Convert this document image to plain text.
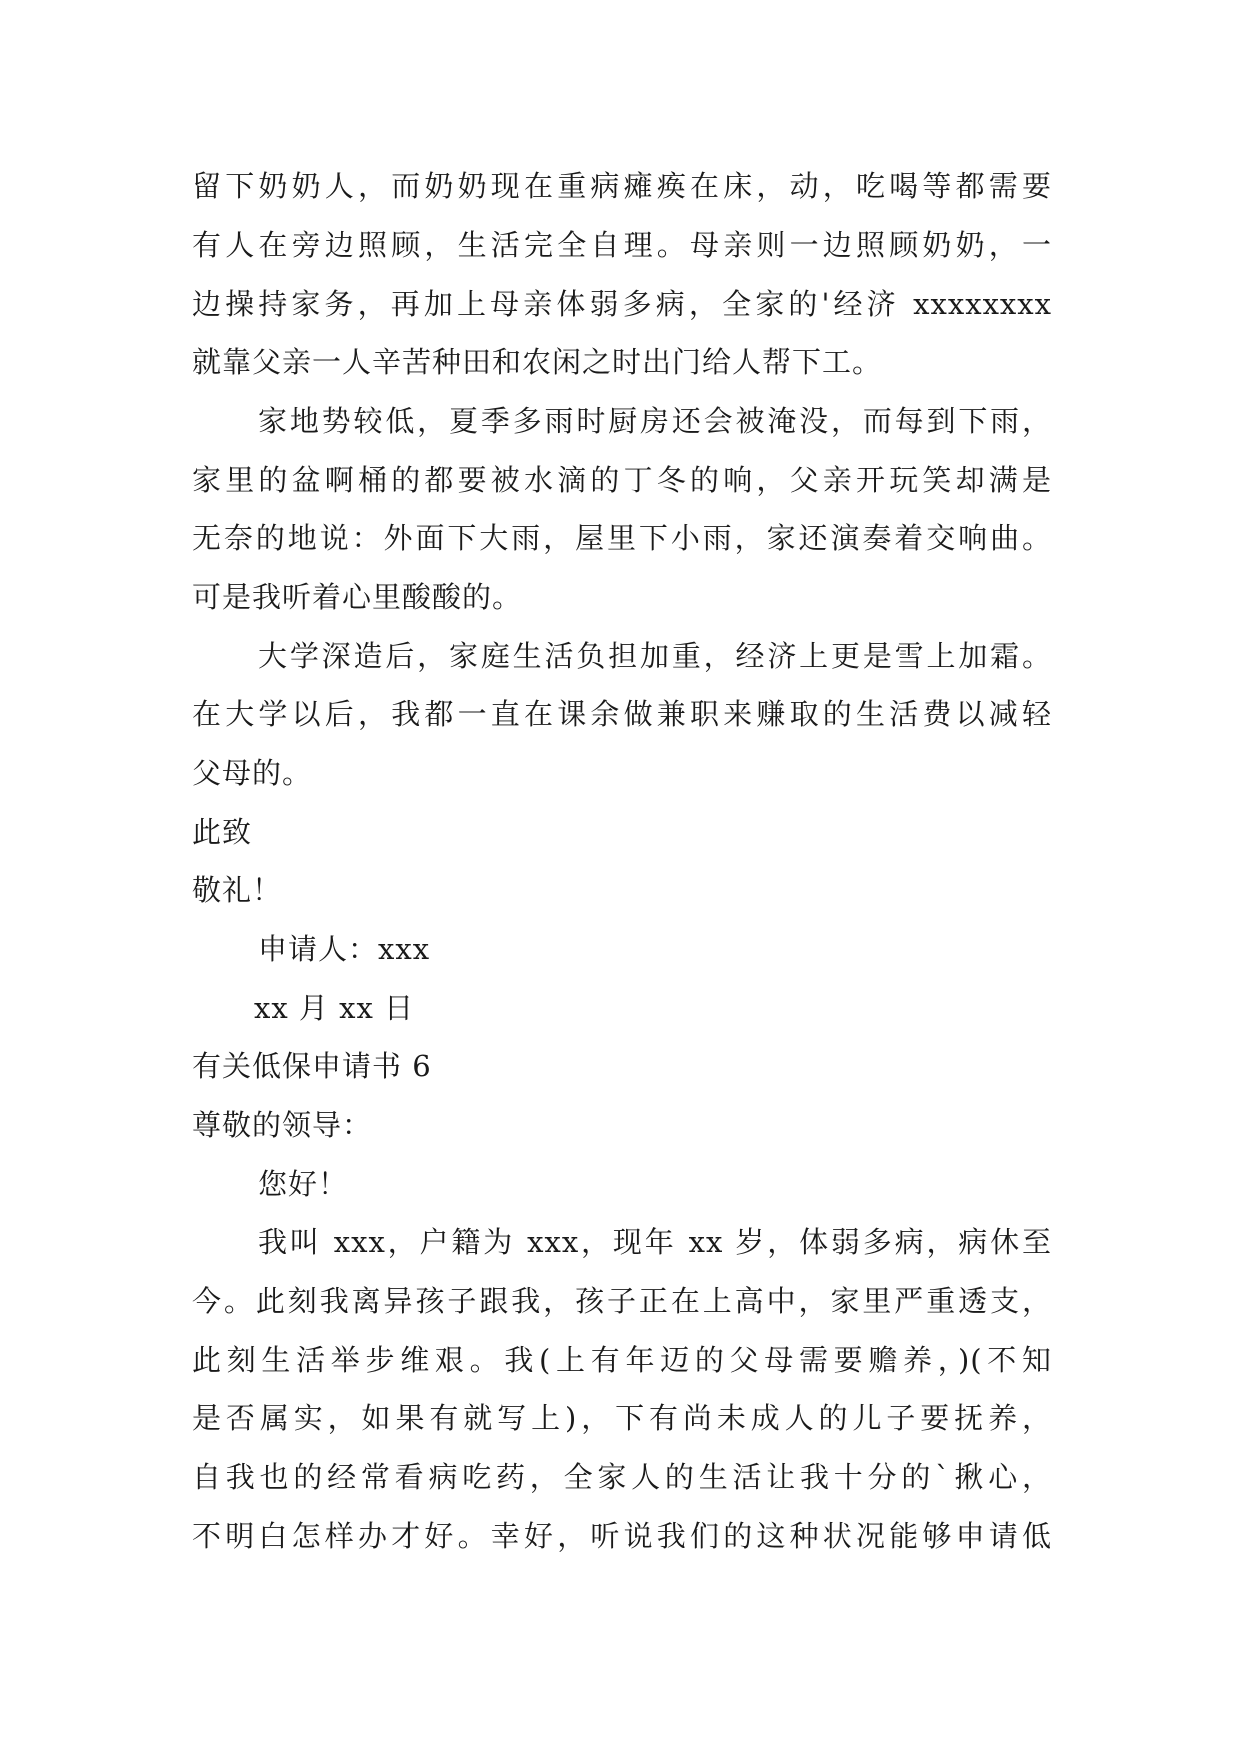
留下奶奶人，而奶奶现在重病瘫痪在床，动，吃喝等都需要
有人在旁边照顾，生活完全自理。母亲则一边照顾奶奶，一
边操持家务，再加上母亲体弱多病，全家的'经济 xxxxxxxx
就靠父亲一人辛苦种田和农闲之时出门给人帮下工。
家地势较低，夏季多雨时厨房还会被淹没，而每到下雨，
家里的盆啊桶的都要被水滴的丁冬的响，父亲开玩笑却满是
无奈的地说：外面下大雨，屋里下小雨，家还演奏着交响曲。
可是我听着心里酸酸的。
大学深造后，家庭生活负担加重，经济上更是雪上加霜。
在大学以后，我都一直在课余做兼职来赚取的生活费以减轻
父母的。
此致
敬礼！
申请人：xxx
xx 月 xx 日
有关低保申请书 6
尊敬的领导：
您好！
我叫 xxx，户籍为 xxx，现年 xx 岁，体弱多病，病休至
今。此刻我离异孩子跟我，孩子正在上高中，家里严重透支，
此刻生活举步维艰。我(上有年迈的父母需要赡养，)(不知
是否属实，如果有就写上)，下有尚未成人的儿子要抚养，
自我也的经常看病吃药，全家人的生活让我十分的`揪心，
不明白怎样办才好。幸好，听说我们的这种状况能够申请低
